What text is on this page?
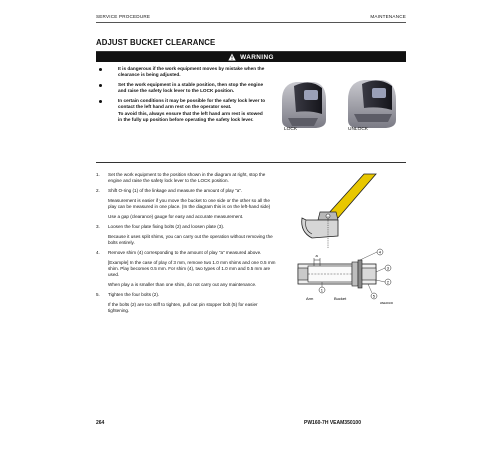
SERVICE PROCEDURE	MAINTENANCE
ADJUST BUCKET CLEARANCE
WARNING
It is dangerous if the work equipment moves by mistake when the clearance is being adjusted.
Set the work equipment in a stable position, then stop the engine and raise the safety lock lever to the LOCK position.
In certain conditions it may be possible for the safety lock lever to contact the left hand arm rest on the operator seat.
To avoid this, always ensure that the left hand arm rest is stowed in the fully up position before operating the safety lock lever.
LOCK	UNLOCK
1. Set the work equipment to the position shown in the diagram at right, stop the engine and raise the safety lock lever to the LOCK position.
2. Shift O-ring (1) of the linkage and measure the amount of play "a".
Measurement is easier if you move the bucket to one side or the other so all the play can be measured in one place. (In the diagram this is on the left-hand side)
Use a gap (clearance) gauge for easy and accurate measurement.
3. Loosen the four plate fixing bolts (2) and loosen plate (3).
Because it uses split shims, you can carry out the operation without removing the bolts entirely.
4. Remove shim (4) corresponding to the amount of play "a" measured above.
[Example] In the case of play of 3 mm, remove two 1.0 mm shims and one 0.5 mm shim. Play becomes 0.5 mm. For shim (4), two types of 1.0 mm and 0.5 mm are used.
When play a is smaller than one shim, do not carry out any maintenance.
5. Tighten the four bolts (2).
If the bolts (2) are too stiff to tighten, pull out pin stopper bolt (5) for easier tightening.
a
4
3
2
1
5
Arm	Bucket
WEE00100
264	PW160-7H VEAM350100
